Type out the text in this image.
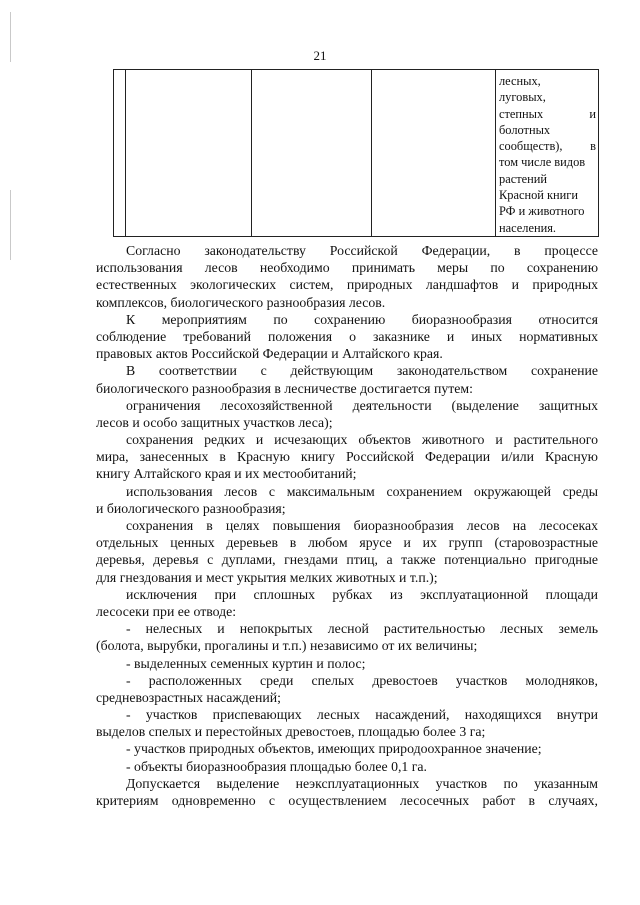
21

лесных,
луговых,
степных	и
болотных
сообществ), в
том числе видов
растений
Красной книги
РФ и животного
населения.
Согласно законодательству Российской Федерации, в процессе
использования лесов необходимо принимать меры по сохранению
естественных экологических систем, природных ландшафтов и природных
комплексов, биологического разнообразия лесов.
К мероприятиям по сохранению биоразнообразия относится
соблюдение требований положения о заказнике и иных нормативных
правовых актов Российской Федерации и Алтайского края.
В соответствии с действующим законодательством сохранение
биологического разнообразия в лесничестве достигается путем:
ограничения лесохозяйственной деятельности (выделение защитных
лесов и особо защитных участков леса);
сохранения редких и исчезающих объектов животного и растительного
мира, занесенных в Красную книгу Российской Федерации и/или Красную
книгу Алтайского края и их местообитаний;
использования лесов с максимальным сохранением окружающей среды
и биологического разнообразия;
сохранения в целях повышения биоразнообразия лесов на лесосеках
отдельных ценных деревьев в любом ярусе и их групп (старовозрастные
деревья, деревья с дуплами, гнездами птиц, а также потенциально пригодные
для гнездования и мест укрытия мелких животных и т.п.);
исключения при сплошных рубках из эксплуатационной площади
лесосеки при ее отводе:
- нелесных и непокрытых лесной растительностью лесных земель
(болота, вырубки, прогалины и т.п.) независимо от их величины;
- выделенных семенных куртин и полос;
- расположенных среди спелых древостоев участков молодняков,
средневозрастных насаждений;
- участков приспевающих лесных насаждений, находящихся внутри
выделов спелых и перестойных древостоев, площадью более 3 га;
- участков природных объектов, имеющих природоохранное значение;
- объекты биоразнообразия площадью более 0,1 га.
Допускается выделение неэксплуатационных участков по указанным
критериям одновременно с осуществлением лесосечных работ в случаях,
